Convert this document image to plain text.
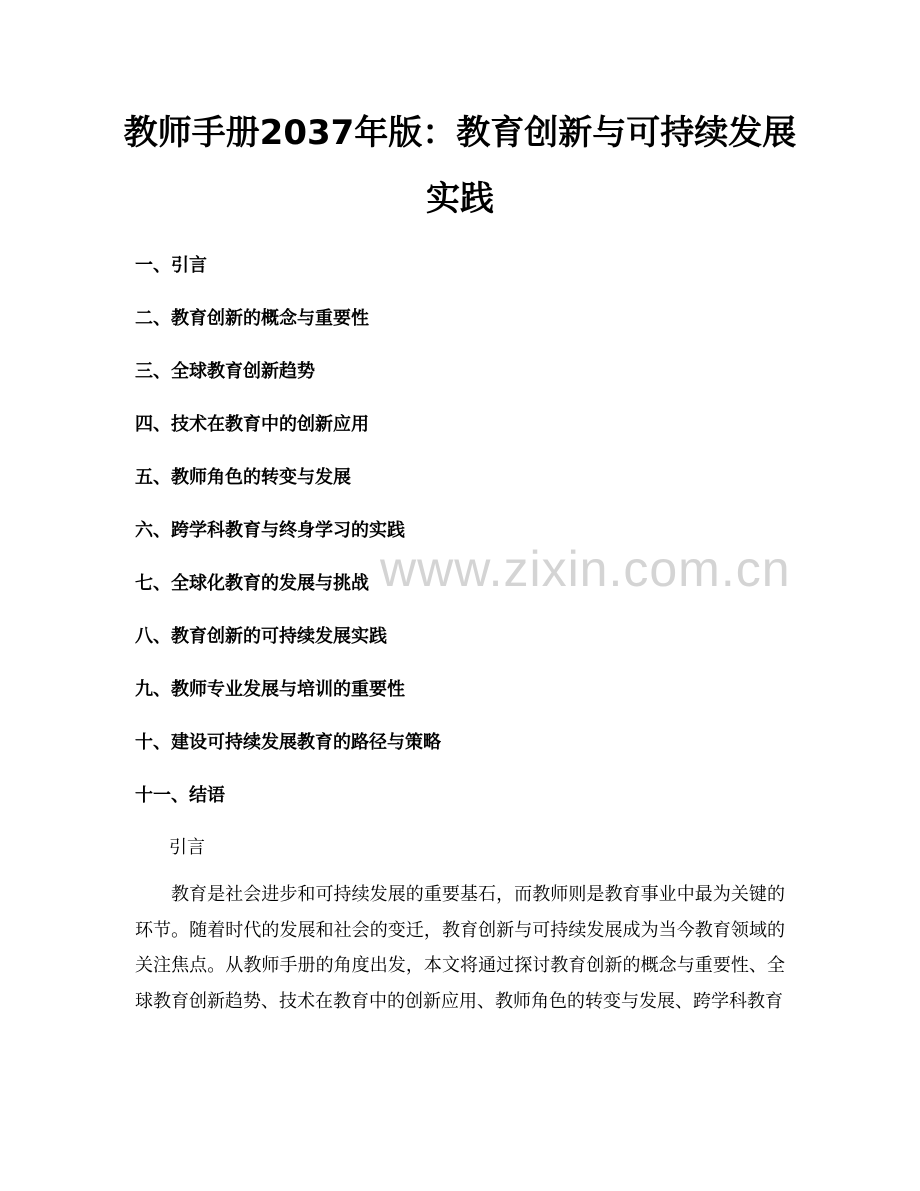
教师手册2037年版：教育创新与可持续发展实践
一、引言
二、教育创新的概念与重要性
三、全球教育创新趋势
四、技术在教育中的创新应用
五、教师角色的转变与发展
六、跨学科教育与终身学习的实践
七、全球化教育的发展与挑战
八、教育创新的可持续发展实践
九、教师专业发展与培训的重要性
十、建设可持续发展教育的路径与策略
十一、结语
引言

教育是社会进步和可持续发展的重要基石，而教师则是教育事业中最为关键的环节。随着时代的发展和社会的变迁，教育创新与可持续发展成为当今教育领域的关注焦点。从教师手册的角度出发，本文将通过探讨教育创新的概念与重要性、全球教育创新趋势、技术在教育中的创新应用、教师角色的转变与发展、跨学科教育

www.zixin.com.cn
